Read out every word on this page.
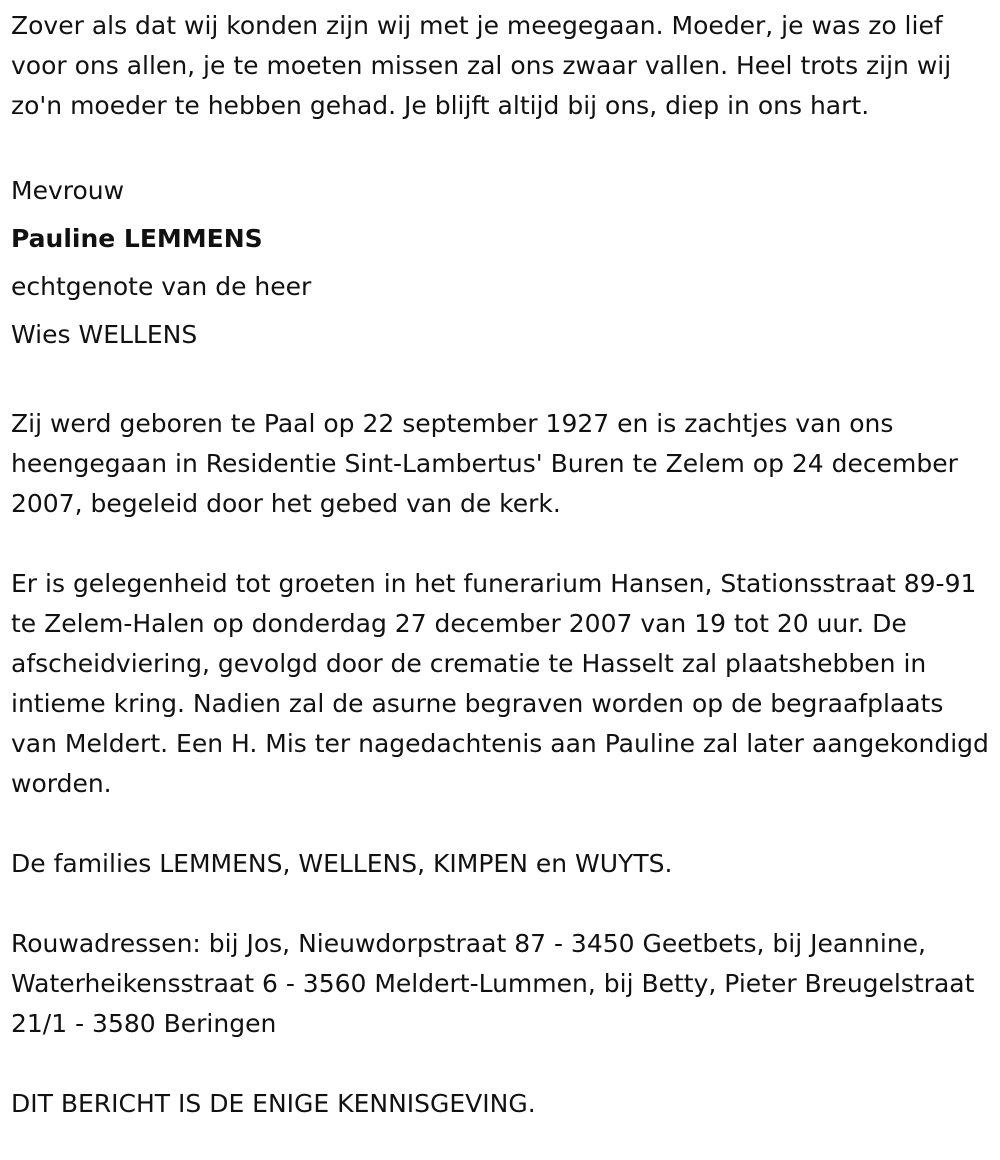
Zover als dat wij konden zijn wij met je meegegaan. Moeder, je was zo lief voor ons allen, je te moeten missen zal ons zwaar vallen. Heel trots zijn wij zo'n moeder te hebben gehad. Je blijft altijd bij ons, diep in ons hart.

Mevrouw
Pauline LEMMENS
echtgenote van de heer
Wies WELLENS

Zij werd geboren te Paal op 22 september 1927 en is zachtjes van ons heengegaan in Residentie Sint-Lambertus' Buren te Zelem op 24 december 2007, begeleid door het gebed van de kerk.

Er is gelegenheid tot groeten in het funerarium Hansen, Stationsstraat 89-91 te Zelem-Halen op donderdag 27 december 2007 van 19 tot 20 uur. De afscheidviering, gevolgd door de crematie te Hasselt zal plaatshebben in intieme kring. Nadien zal de asurne begraven worden op de begraafplaats van Meldert. Een H. Mis ter nagedachtenis aan Pauline zal later aangekondigd worden.

De families LEMMENS, WELLENS, KIMPEN en WUYTS.

Rouwadressen: bij Jos, Nieuwdorpstraat 87 - 3450 Geetbets, bij Jeannine, Waterheikensstraat 6 - 3560 Meldert-Lummen, bij Betty, Pieter Breugelstraat 21/1 - 3580 Beringen

DIT BERICHT IS DE ENIGE KENNISGEVING.
